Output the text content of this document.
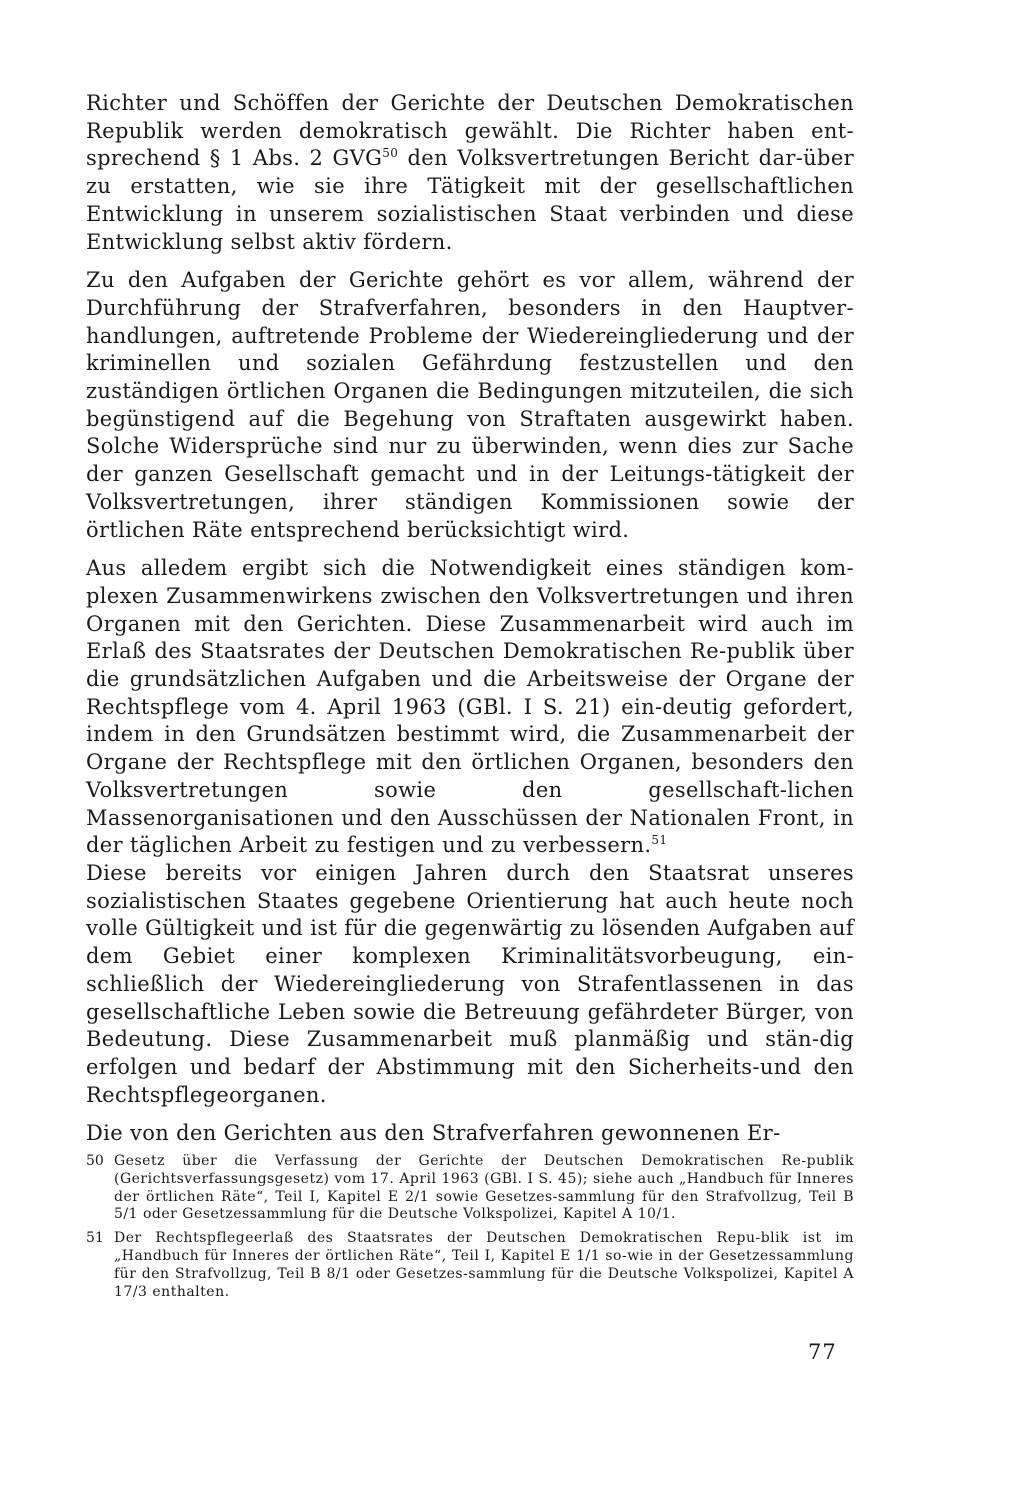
Richter und Schöffen der Gerichte der Deutschen Demokratischen Republik werden demokratisch gewählt. Die Richter haben ent-sprechend § 1 Abs. 2 GVG$^{50}$ den Volksvertretungen Bericht dar-über zu erstatten, wie sie ihre Tätigkeit mit der gesellschaftlichen Entwicklung in unserem sozialistischen Staat verbinden und diese Entwicklung selbst aktiv fördern.

Zu den Aufgaben der Gerichte gehört es vor allem, während der Durchführung der Strafverfahren, besonders in den Hauptver-handlungen, auftretende Probleme der Wiedereingliederung und der kriminellen und sozialen Gefährdung festzustellen und den zuständigen örtlichen Organen die Bedingungen mitzuteilen, die sich begünstigend auf die Begehung von Straftaten ausgewirkt haben. Solche Widersprüche sind nur zu überwinden, wenn dies zur Sache der ganzen Gesellschaft gemacht und in der Leitungs-tätigkeit der Volksvertretungen, ihrer ständigen Kommissionen sowie der örtlichen Räte entsprechend berücksichtigt wird.

Aus alledem ergibt sich die Notwendigkeit eines ständigen kom-plexen Zusammenwirkens zwischen den Volksvertretungen und ihren Organen mit den Gerichten. Diese Zusammenarbeit wird auch im Erlaß des Staatsrates der Deutschen Demokratischen Re-publik über die grundsätzlichen Aufgaben und die Arbeitsweise der Organe der Rechtspflege vom 4. April 1963 (GBl. I S. 21) ein-deutig gefordert, indem in den Grundsätzen bestimmt wird, die Zusammenarbeit der Organe der Rechtspflege mit den örtlichen Organen, besonders den Volksvertretungen sowie den gesellschaft-lichen Massenorganisationen und den Ausschüssen der Nationalen Front, in der täglichen Arbeit zu festigen und zu verbessern.$^{51}$

Diese bereits vor einigen Jahren durch den Staatsrat unseres sozialistischen Staates gegebene Orientierung hat auch heute noch volle Gültigkeit und ist für die gegenwärtig zu lösenden Aufgaben auf dem Gebiet einer komplexen Kriminalitätsvorbeugung, ein-schließlich der Wiedereingliederung von Strafentlassenen in das gesellschaftliche Leben sowie die Betreuung gefährdeter Bürger, von Bedeutung. Diese Zusammenarbeit muß planmäßig und stän-dig erfolgen und bedarf der Abstimmung mit den Sicherheits-und den Rechtspflegeorganen.

Die von den Gerichten aus den Strafverfahren gewonnenen Er-

50 Gesetz über die Verfassung der Gerichte der Deutschen Demokratischen Re-publik (Gerichtsverfassungsgesetz) vom 17. April 1963 (GBl. I S. 45); siehe auch „Handbuch für Inneres der örtlichen Räte“, Teil I, Kapitel E 2/1 sowie Gesetzes-sammlung für den Strafvollzug, Teil B 5/1 oder Gesetzessammlung für die Deutsche Volkspolizei, Kapitel A 10/1.
51 Der Rechtspflegeerlaß des Staatsrates der Deutschen Demokratischen Repu-blik ist im „Handbuch für Inneres der örtlichen Räte“, Teil I, Kapitel E 1/1 so-wie in der Gesetzessammlung für den Strafvollzug, Teil B 8/1 oder Gesetzes-sammlung für die Deutsche Volkspolizei, Kapitel A 17/3 enthalten.
77
